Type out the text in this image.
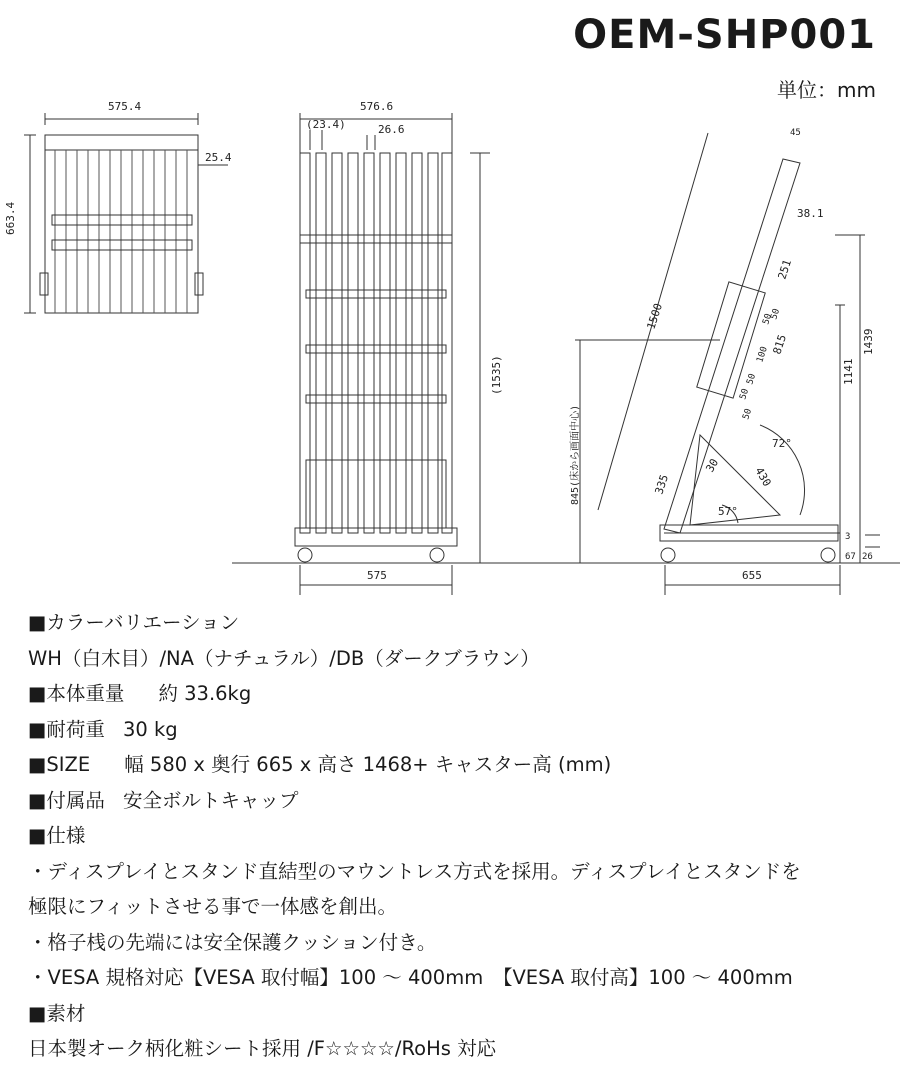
OEM-SHP001
単位：mm
575.4
25.4
663.4
576.6
(23.4)	26.6
(1535)
575
45
38.1
251
50
50
815
100
50
50
50
1500
1439
1141
845(床から画面中心)	335
30	430
72°
57°
3
67 26
655
■カラーバリエーション
WH（白木目）/NA（ナチュラル）/DB（ダークブラウン）
■本体重量 約 33.6kg
■耐荷重 30 kg
■SIZE 幅 580 x 奥行 665 x 高さ 1468+ キャスター高 (mm)
■付属品 安全ボルトキャップ
■仕様
・ディスプレイとスタンド直結型のマウントレス方式を採用。ディスプレイとスタンドを
極限にフィットさせる事で一体感を創出。
・格子桟の先端には安全保護クッション付き。
・VESA 規格対応【VESA 取付幅】100 ～ 400mm　【VESA 取付高】100 ～ 400mm
■素材
日本製オーク柄化粧シート採用 /F☆☆☆☆/RoHs 対応
